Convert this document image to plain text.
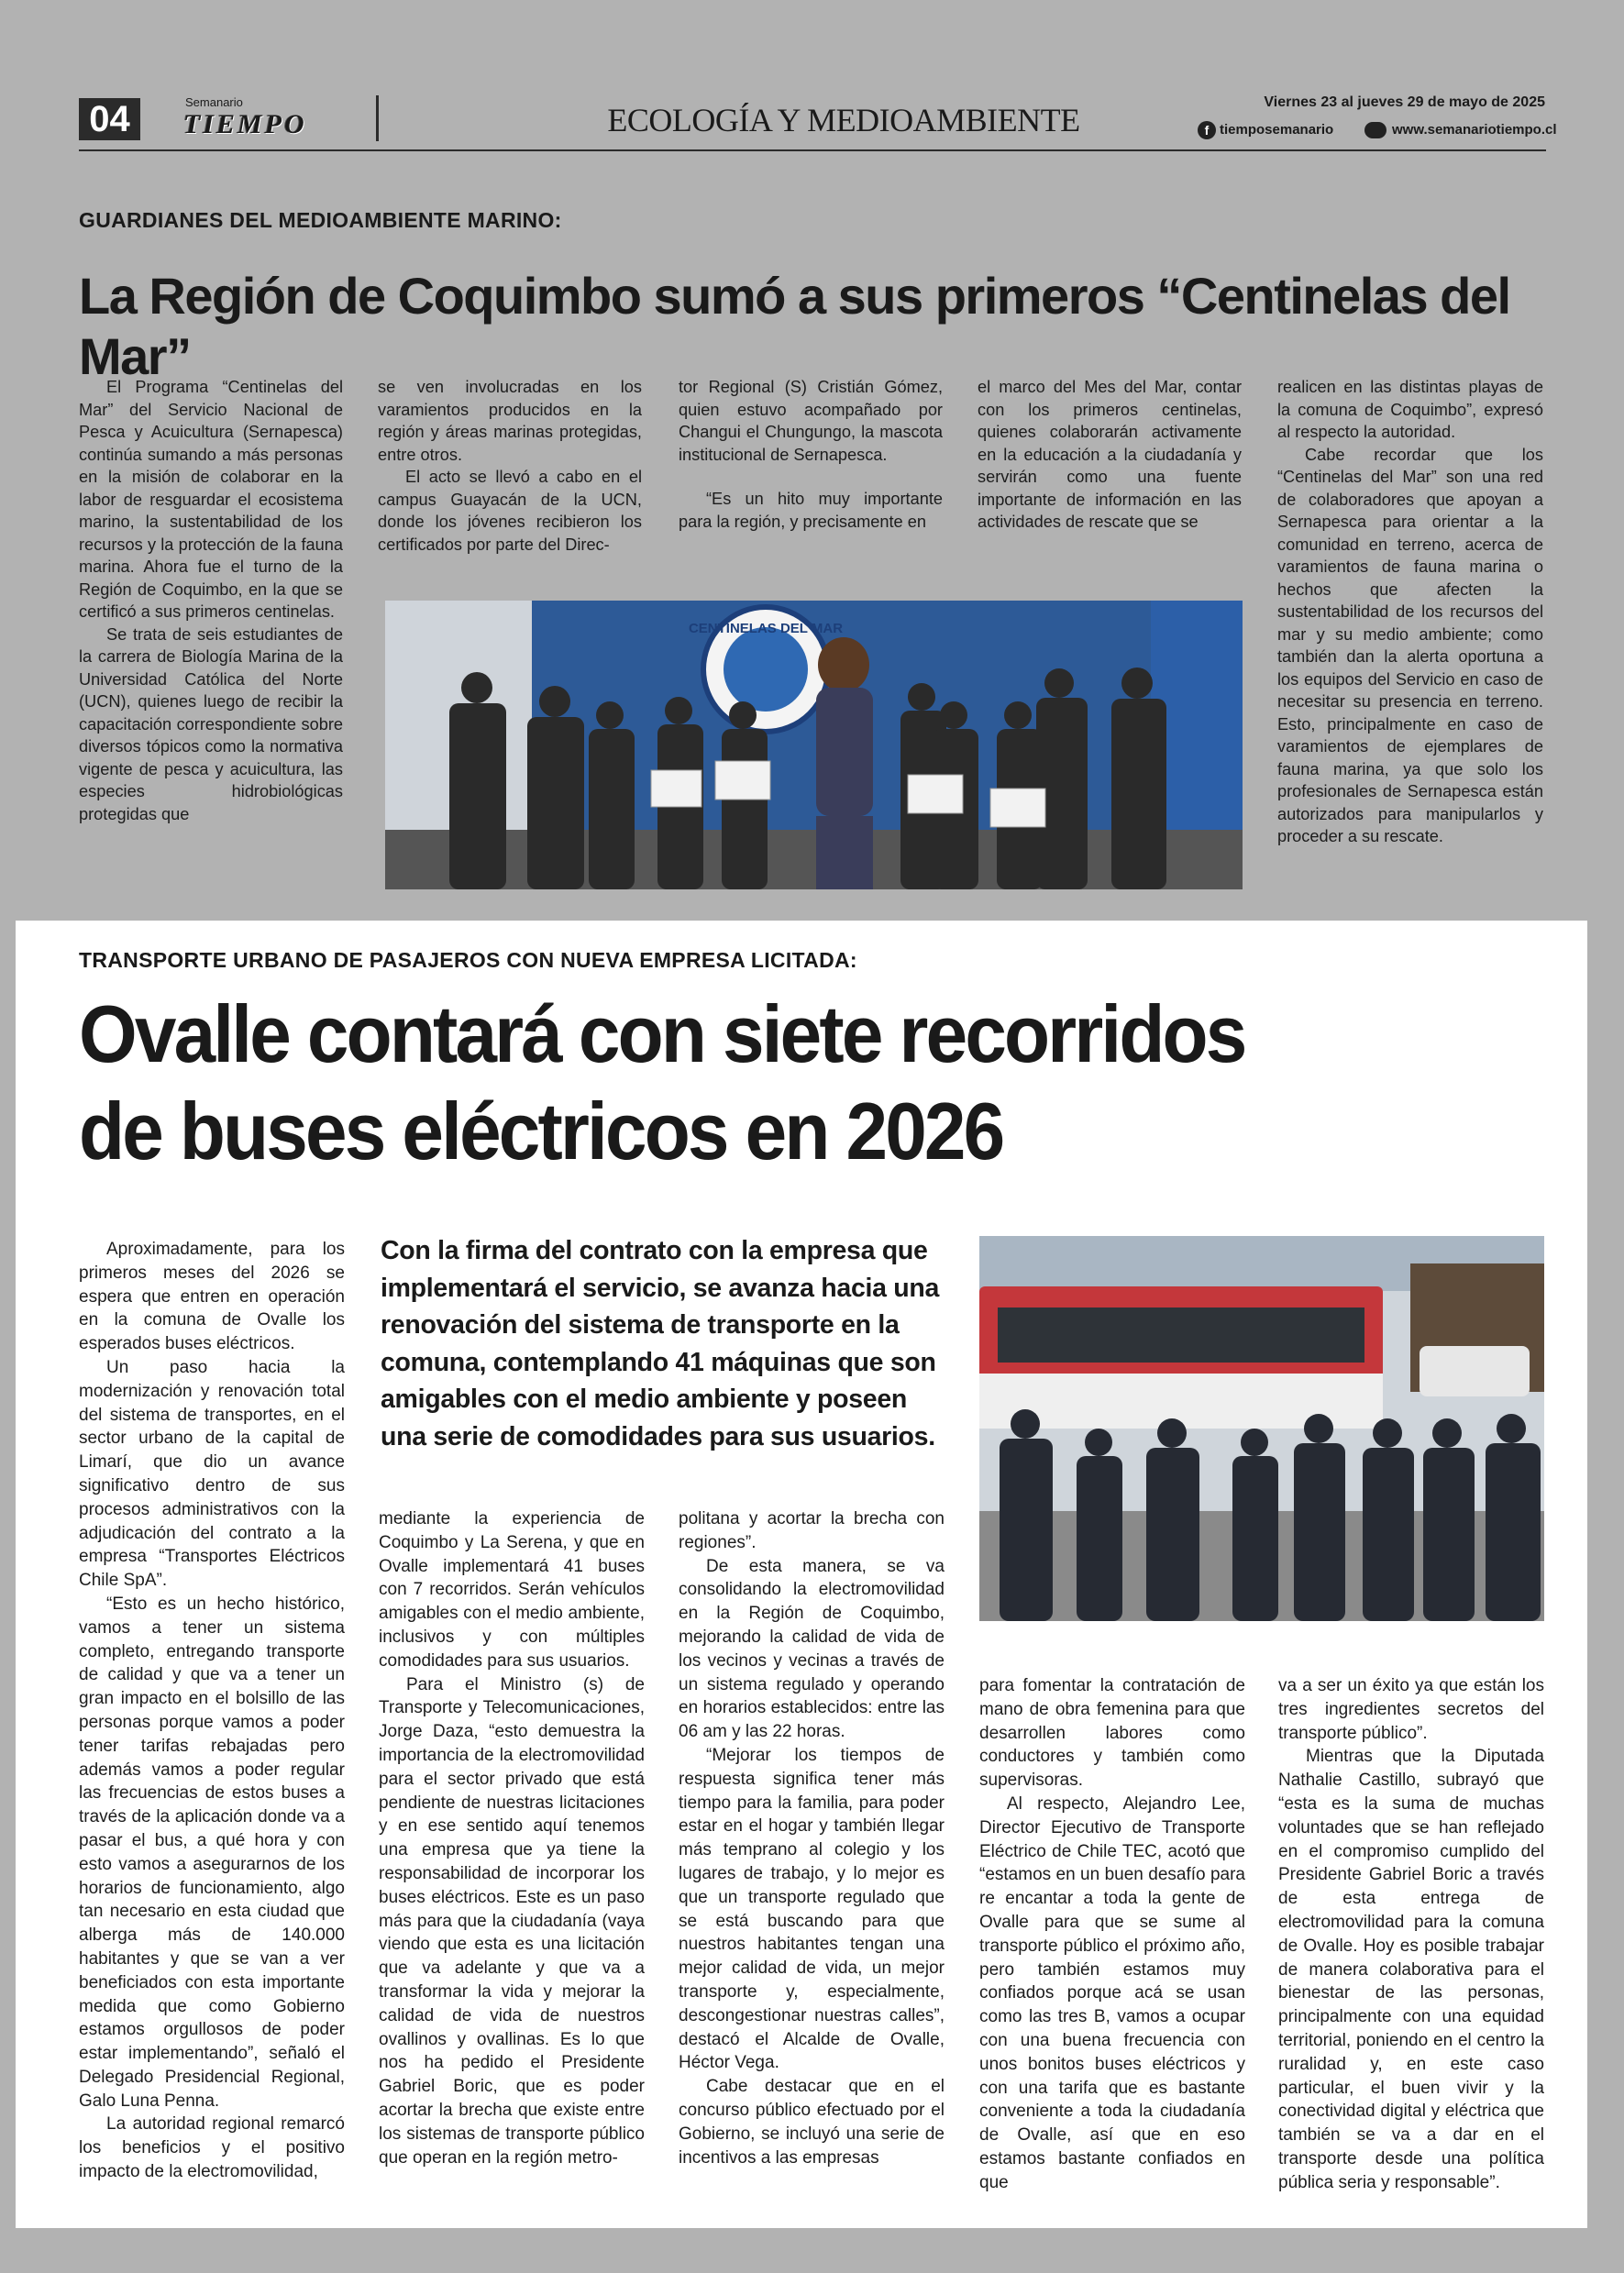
04	Semanario
TIEMPO	ECOLOGÍA Y MEDIOAMBIENTE	Viernes 23 al jueves 29 de mayo de 2025
f tiemposemanario	www.semanariotiempo.cl
GUARDIANES DEL MEDIOAMBIENTE MARINO:
La Región de Coquimbo sumó a sus primeros “Centinelas del Mar”

El Programa “Centinelas del Mar” del Servicio Nacional de Pesca y Acuicultura (Sernapesca) continúa sumando a más personas en la misión de colaborar en la labor de resguardar el ecosistema marino, la sustentabilidad de los recursos y la protección de la fauna marina. Ahora fue el turno de la Región de Coquimbo, en la que se certificó a sus primeros centinelas.

Se trata de seis estudiantes de la carrera de Biología Marina de la Universidad Católica del Norte (UCN), quienes luego de recibir la capacitación correspondiente sobre diversos tópicos como la normativa vigente de pesca y acuicultura, las especies hidrobiológicas protegidas que

se ven involucradas en los varamientos producidos en la región y áreas marinas protegidas, entre otros.

El acto se llevó a cabo en el campus Guayacán de la UCN, donde los jóvenes recibieron los certificados por parte del Direc-

tor Regional (S) Cristián Gómez, quien estuvo acompañado por Changui el Chungungo, la mascota institucional de Sernapesca.

“Es un hito muy importante para la región, y precisamente en

el marco del Mes del Mar, contar con los primeros centinelas, quienes colaborarán activamente en la educación a la ciudadanía y servirán como una fuente importante de información en las actividades de rescate que se

realicen en las distintas playas de la comuna de Coquimbo”, expresó al respecto la autoridad.

Cabe recordar que los “Centinelas del Mar” son una red de colaboradores que apoyan a Sernapesca para orientar a la comunidad en terreno, acerca de varamientos de fauna marina o hechos que afecten la sustentabilidad de los recursos del mar y su medio ambiente; como también dan la alerta oportuna a los equipos del Servicio en caso de necesitar su presencia en terreno. Esto, principalmente en caso de varamientos de ejemplares de fauna marina, ya que solo los profesionales de Sernapesca están autorizados para manipularlos y proceder a su rescate.

CENTINELAS DEL MAR
TRANSPORTE URBANO DE PASAJEROS CON NUEVA EMPRESA LICITADA:
Ovalle contará con siete recorridos
de buses eléctricos en 2026
Con la firma del contrato con la empresa que implementará el servicio, se avanza hacia una renovación del sistema de transporte en la comuna, contemplando 41 máquinas que son amigables con el medio ambiente y poseen una serie de comodidades para sus usuarios.

Aproximadamente, para los primeros meses del 2026 se espera que entren en operación en la comuna de Ovalle los esperados buses eléctricos.

Un paso hacia la modernización y renovación total del sistema de transportes, en el sector urbano de la capital de Limarí, que dio un avance significativo dentro de sus procesos administrativos con la adjudicación del contrato a la empresa “Transportes Eléctricos Chile SpA”.

“Esto es un hecho histórico, vamos a tener un sistema completo, entregando transporte de calidad y que va a tener un gran impacto en el bolsillo de las personas porque vamos a poder tener tarifas rebajadas pero además vamos a poder regular las frecuencias de estos buses a través de la aplicación donde va a pasar el bus, a qué hora y con esto vamos a asegurarnos de los horarios de funcionamiento, algo tan necesario en esta ciudad que alberga más de 140.000 habitantes y que se van a ver beneficiados con esta importante medida que como Gobierno estamos orgullosos de poder estar implementando”, señaló el Delegado Presidencial Regional, Galo Luna Penna.

La autoridad regional remarcó los beneficios y el positivo impacto de la electromovilidad,

mediante la experiencia de Coquimbo y La Serena, y que en Ovalle implementará 41 buses con 7 recorridos. Serán vehículos amigables con el medio ambiente, inclusivos y con múltiples comodidades para sus usuarios.

Para el Ministro (s) de Transporte y Telecomunicaciones, Jorge Daza, “esto demuestra la importancia de la electromovilidad para el sector privado que está pendiente de nuestras licitaciones y en ese sentido aquí tenemos una empresa que ya tiene la responsabilidad de incorporar los buses eléctricos. Este es un paso más para que la ciudadanía (vaya viendo que esta es una licitación que va adelante y que va a transformar la vida y mejorar la calidad de vida de nuestros ovallinos y ovallinas. Es lo que nos ha pedido el Presidente Gabriel Boric, que es poder acortar la brecha que existe entre los sistemas de transporte público que operan en la región metro-

politana y acortar la brecha con regiones”.

De esta manera, se va consolidando la electromovilidad en la Región de Coquimbo, mejorando la calidad de vida de los vecinos y vecinas a través de un sistema regulado y operando en horarios establecidos: entre las 06 am y las 22 horas.

“Mejorar los tiempos de respuesta significa tener más tiempo para la familia, para poder estar en el hogar y también llegar más temprano al colegio y los lugares de trabajo, y lo mejor es que un transporte regulado que se está buscando para que nuestros habitantes tengan una mejor calidad de vida, un mejor transporte y, especialmente, descongestionar nuestras calles”, destacó el Alcalde de Ovalle, Héctor Vega.

Cabe destacar que en el concurso público efectuado por el Gobierno, se incluyó una serie de incentivos a las empresas

para fomentar la contratación de mano de obra femenina para que desarrollen labores como conductores y también como supervisoras.

Al respecto, Alejandro Lee, Director Ejecutivo de Transporte Eléctrico de Chile TEC, acotó que “estamos en un buen desafío para re encantar a toda la gente de Ovalle para que se sume al transporte público el próximo año, pero también estamos muy confiados porque acá se usan como las tres B, vamos a ocupar con una buena frecuencia con unos bonitos buses eléctricos y con una tarifa que es bastante conveniente a toda la ciudadanía de Ovalle, así que en eso estamos bastante confiados en que

va a ser un éxito ya que están los tres ingredientes secretos del transporte público”.

Mientras que la Diputada Nathalie Castillo, subrayó que “esta es la suma de muchas voluntades que se han reflejado en el compromiso cumplido del Presidente Gabriel Boric a través de esta entrega de electromovilidad para la comuna de Ovalle. Hoy es posible trabajar de manera colaborativa para el bienestar de las personas, principalmente con una equidad territorial, poniendo en el centro la ruralidad y, en este caso particular, el buen vivir y la conectividad digital y eléctrica que también se va a dar en el transporte desde una política pública seria y responsable”.
